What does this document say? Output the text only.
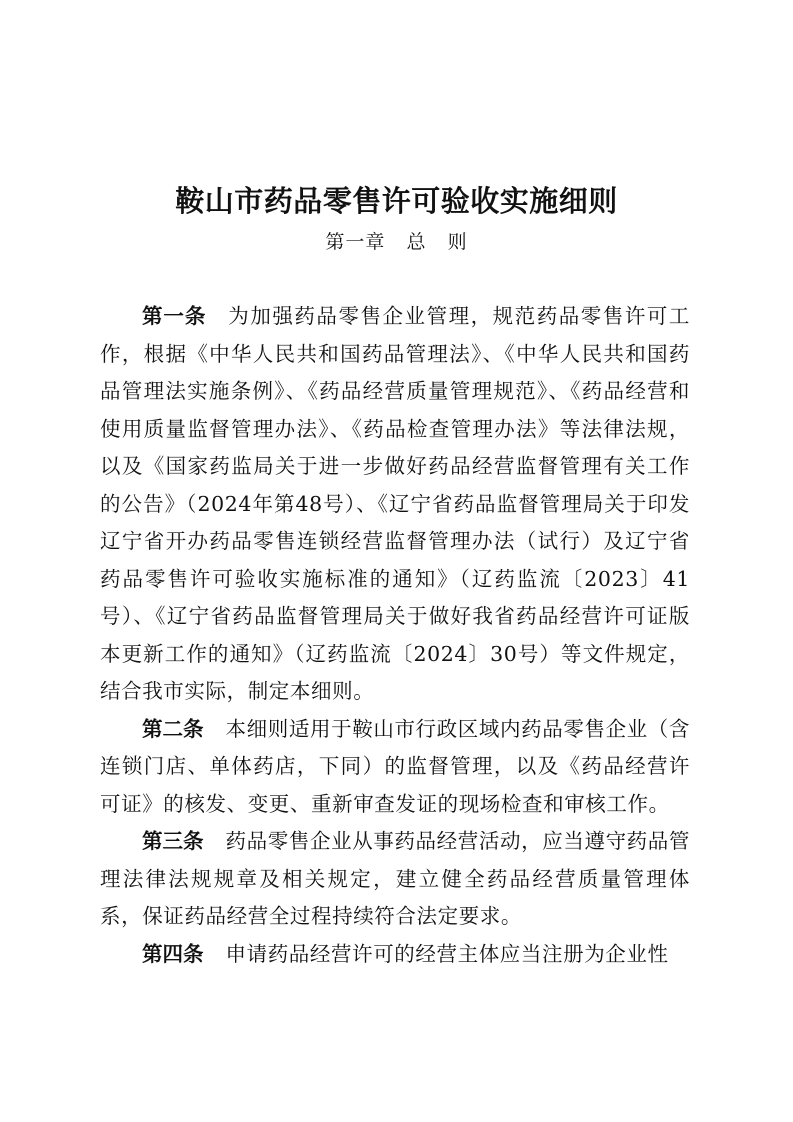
鞍山市药品零售许可验收实施细则
第一章   总   则

第一条 为加强药品零售企业管理，规范药品零售许可工作，根据《中华人民共和国药品管理法》、《中华人民共和国药品管理法实施条例》、《药品经营质量管理规范》、《药品经营和使用质量监督管理办法》、《药品检查管理办法》等法律法规，以及《国家药监局关于进一步做好药品经营监督管理有关工作的公告》（2024年第48号）、《辽宁省药品监督管理局关于印发辽宁省开办药品零售连锁经营监督管理办法（试行）及辽宁省药品零售许可验收实施标准的通知》（辽药监流〔2023〕41号）、《辽宁省药品监督管理局关于做好我省药品经营许可证版本更新工作的通知》（辽药监流〔2024〕30号）等文件规定，结合我市实际，制定本细则。

第二条 本细则适用于鞍山市行政区域内药品零售企业（含连锁门店、单体药店，下同）的监督管理，以及《药品经营许可证》的核发、变更、重新审查发证的现场检查和审核工作。

第三条 药品零售企业从事药品经营活动，应当遵守药品管理法律法规规章及相关规定，建立健全药品经营质量管理体系，保证药品经营全过程持续符合法定要求。

第四条 申请药品经营许可的经营主体应当注册为企业性
